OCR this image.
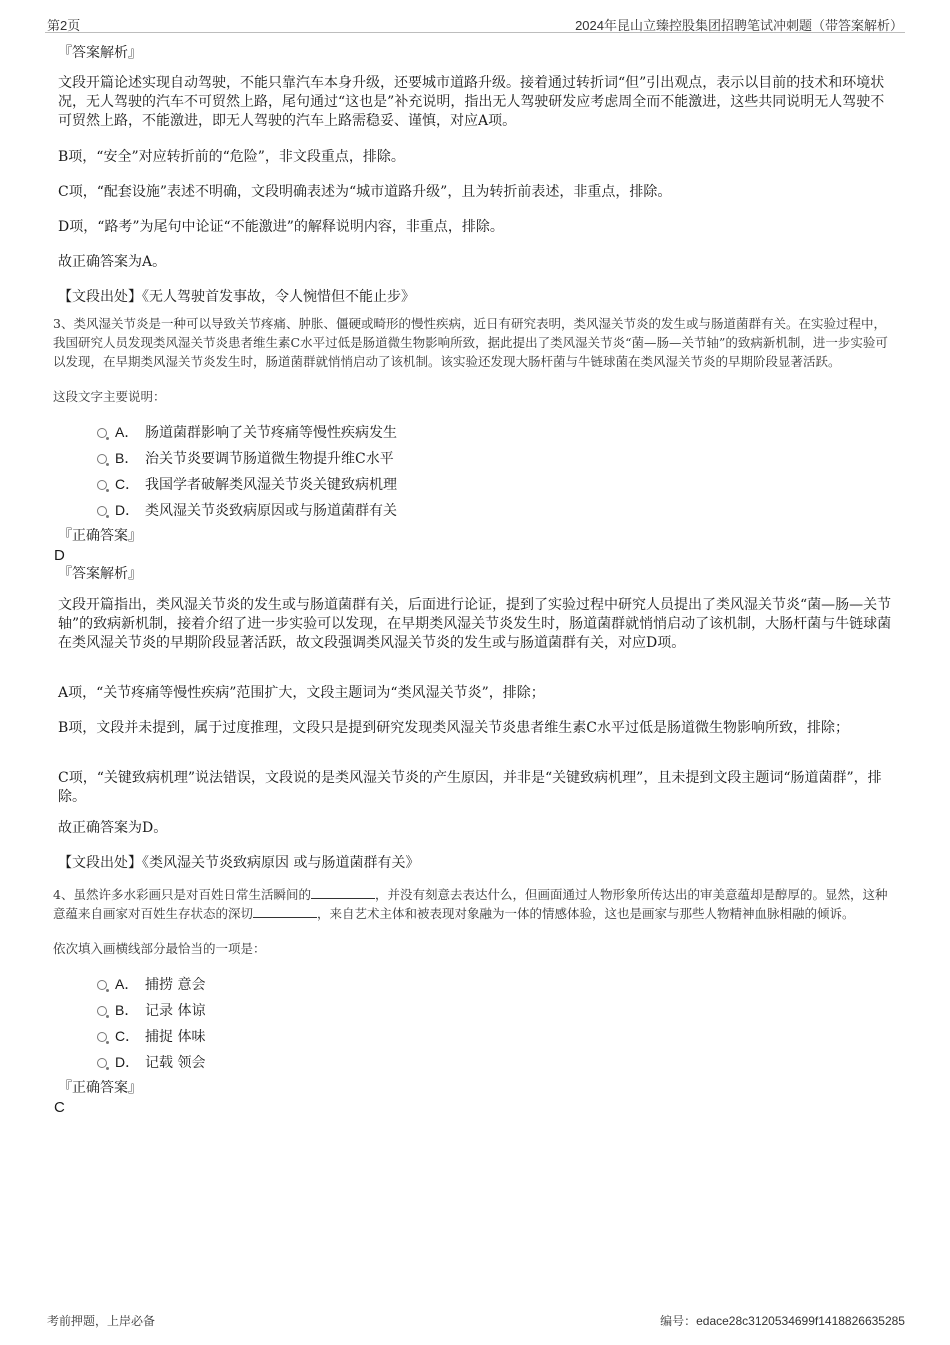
第2页	2024年昆山立臻控股集团招聘笔试冲刺题（带答案解析）
『答案解析』

文段开篇论述实现自动驾驶，不能只靠汽车本身升级，还要城市道路升级。接着通过转折词“但”引出观点，表示以目前的技术和环境状况，无人驾驶的汽车不可贸然上路，尾句通过“这也是”补充说明，指出无人驾驶研发应考虑周全而不能激进，这些共同说明无人驾驶不可贸然上路，不能激进，即无人驾驶的汽车上路需稳妥、谨慎，对应A项。

B项，“安全”对应转折前的“危险”，非文段重点，排除。

C项，“配套设施”表述不明确，文段明确表述为“城市道路升级”，且为转折前表述，非重点，排除。

D项，“路考”为尾句中论证“不能激进”的解释说明内容，非重点，排除。

故正确答案为A。

【文段出处】《无人驾驶首发事故，令人惋惜但不能止步》

3、类风湿关节炎是一种可以导致关节疼痛、肿胀、僵硬或畸形的慢性疾病，近日有研究表明，类风湿关节炎的发生或与肠道菌群有关。在实验过程中，我国研究人员发现类风湿关节炎患者维生素C水平过低是肠道微生物影响所致，据此提出了类风湿关节炎“菌—肠—关节轴”的致病新机制，进一步实验可以发现，在早期类风湿关节炎发生时，肠道菌群就悄悄启动了该机制。该实验还发现大肠杆菌与牛链球菌在类风湿关节炎的早期阶段显著活跃。

这段文字主要说明：

A． 肠道菌群影响了关节疼痛等慢性疾病发生
B． 治关节炎要调节肠道微生物提升维C水平
C． 我国学者破解类风湿关节炎关键致病机理
D． 类风湿关节炎致病原因或与肠道菌群有关
『正确答案』
D
『答案解析』

文段开篇指出，类风湿关节炎的发生或与肠道菌群有关，后面进行论证，提到了实验过程中研究人员提出了类风湿关节炎“菌—肠—关节轴”的致病新机制，接着介绍了进一步实验可以发现，在早期类风湿关节炎发生时，肠道菌群就悄悄启动了该机制，大肠杆菌与牛链球菌在类风湿关节炎的早期阶段显著活跃，故文段强调类风湿关节炎的发生或与肠道菌群有关，对应D项。

A项，“关节疼痛等慢性疾病”范围扩大，文段主题词为“类风湿关节炎”，排除；

B项，文段并未提到，属于过度推理，文段只是提到研究发现类风湿关节炎患者维生素C水平过低是肠道微生物影响所致，排除；

C项，“关键致病机理”说法错误，文段说的是类风湿关节炎的产生原因，并非是“关键致病机理”，且未提到文段主题词“肠道菌群”，排除。

故正确答案为D。

【文段出处】《类风湿关节炎致病原因 或与肠道菌群有关》

4、虽然许多水彩画只是对百姓日常生活瞬间的	，并没有刻意去表达什么，但画面通过人物形象所传达出的审美意蕴却是醇厚的。显然，这种意蕴来自画家对百姓生存状态的深切	，来自艺术主体和被表现对象融为一体的情感体验，这也是画家与那些人物精神血脉相融的倾诉。

依次填入画横线部分最恰当的一项是：

A． 捕捞 意会
B． 记录 体谅
C． 捕捉 体味
D． 记载 领会
『正确答案』
C
考前押题，上岸必备	编号：edace28c3120534699f1418826635285
